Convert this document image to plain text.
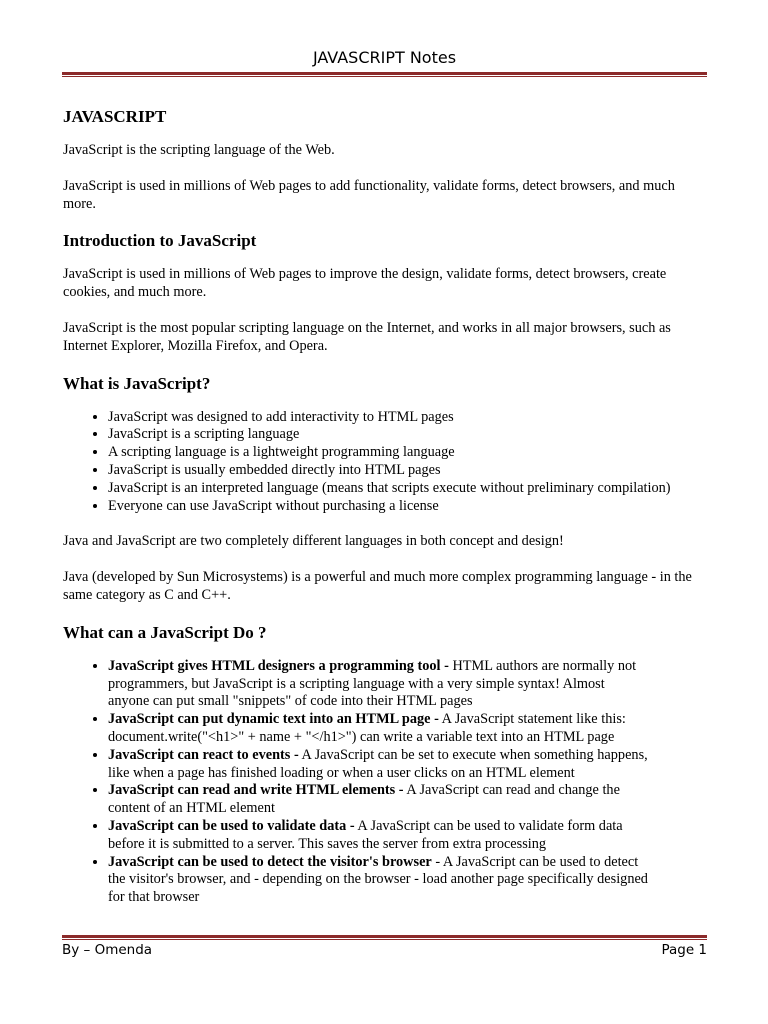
JAVASCRIPT Notes
JAVASCRIPT

JavaScript is the scripting language of the Web.

JavaScript is used in millions of Web pages to add functionality, validate forms, detect browsers, and much more.

Introduction to JavaScript

JavaScript is used in millions of Web pages to improve the design, validate forms, detect browsers, create cookies, and much more.

JavaScript is the most popular scripting language on the Internet, and works in all major browsers, such as Internet Explorer, Mozilla Firefox, and Opera.

What is JavaScript?
• JavaScript was designed to add interactivity to HTML pages
• JavaScript is a scripting language
• A scripting language is a lightweight programming language
• JavaScript is usually embedded directly into HTML pages
• JavaScript is an interpreted language (means that scripts execute without preliminary compilation)
• Everyone can use JavaScript without purchasing a license

Java and JavaScript are two completely different languages in both concept and design!

Java (developed by Sun Microsystems) is a powerful and much more complex programming language - in the same category as C and C++.

What can a JavaScript Do ?
• JavaScript gives HTML designers a programming tool - HTML authors are normally not programmers, but JavaScript is a scripting language with a very simple syntax! Almost anyone can put small "snippets" of code into their HTML pages
• JavaScript can put dynamic text into an HTML page - A JavaScript statement like this: document.write("<h1>" + name + "</h1>") can write a variable text into an HTML page
• JavaScript can react to events - A JavaScript can be set to execute when something happens, like when a page has finished loading or when a user clicks on an HTML element
• JavaScript can read and write HTML elements - A JavaScript can read and change the content of an HTML element
• JavaScript can be used to validate data - A JavaScript can be used to validate form data before it is submitted to a server. This saves the server from extra processing
• JavaScript can be used to detect the visitor's browser - A JavaScript can be used to detect the visitor's browser, and - depending on the browser - load another page specifically designed for that browser
By – Omenda	Page 1
